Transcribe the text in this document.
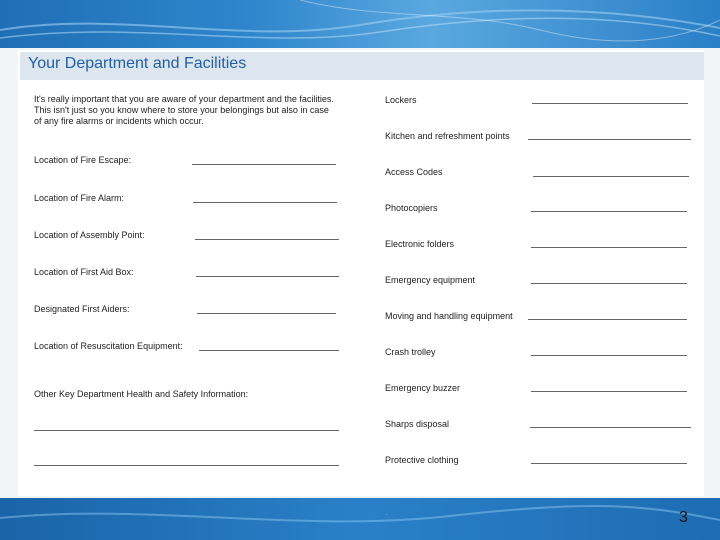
Your Department and Facilities
It's really important that you are aware of your department and the facilities. This isn't just so you know where to store your belongings but also in case of any fire alarms or incidents which occur.
Location of Fire Escape:
Location of Fire Alarm:
Location of Assembly Point:
Location of First Aid Box:
Designated First Aiders:
Location of Resuscitation Equipment:
Other Key Department Health and Safety Information:
Lockers
Kitchen and refreshment points
Access Codes
Photocopiers
Electronic folders
Emergency equipment
Moving and handling equipment
Crash trolley
Emergency buzzer
Sharps disposal
Protective clothing
·	·	3
